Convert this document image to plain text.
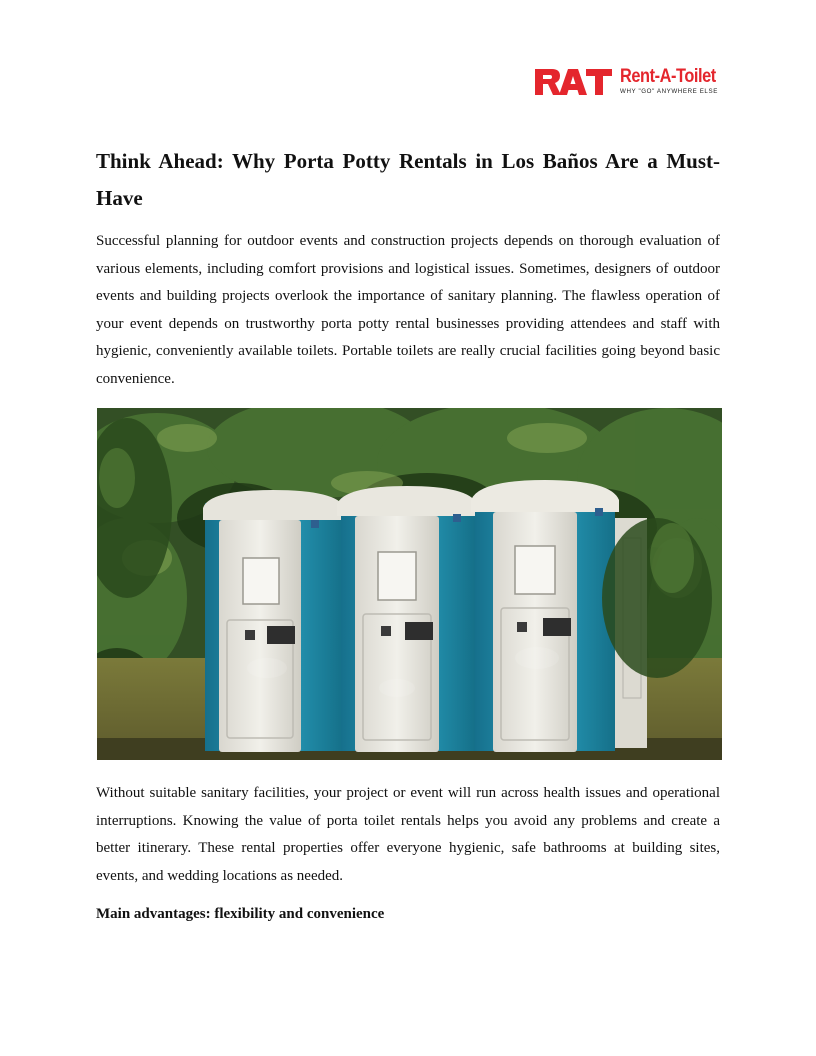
Rent-A-Toilet
WHY "GO" ANYWHERE ELSE
Think Ahead: Why Porta Potty Rentals in Los Baños Are a Must-Have

Successful planning for outdoor events and construction projects depends on thorough evaluation of various elements, including comfort provisions and logistical issues. Sometimes, designers of outdoor events and building projects overlook the importance of sanitary planning. The flawless operation of your event depends on trustworthy porta potty rental businesses providing attendees and staff with hygienic, conveniently available toilets. Portable toilets are really crucial facilities going beyond basic convenience.

Without suitable sanitary facilities, your project or event will run across health issues and operational interruptions. Knowing the value of porta toilet rentals helps you avoid any problems and create a better itinerary. These rental properties offer everyone hygienic, safe bathrooms at building sites, events, and wedding locations as needed.

Main advantages: flexibility and convenience
